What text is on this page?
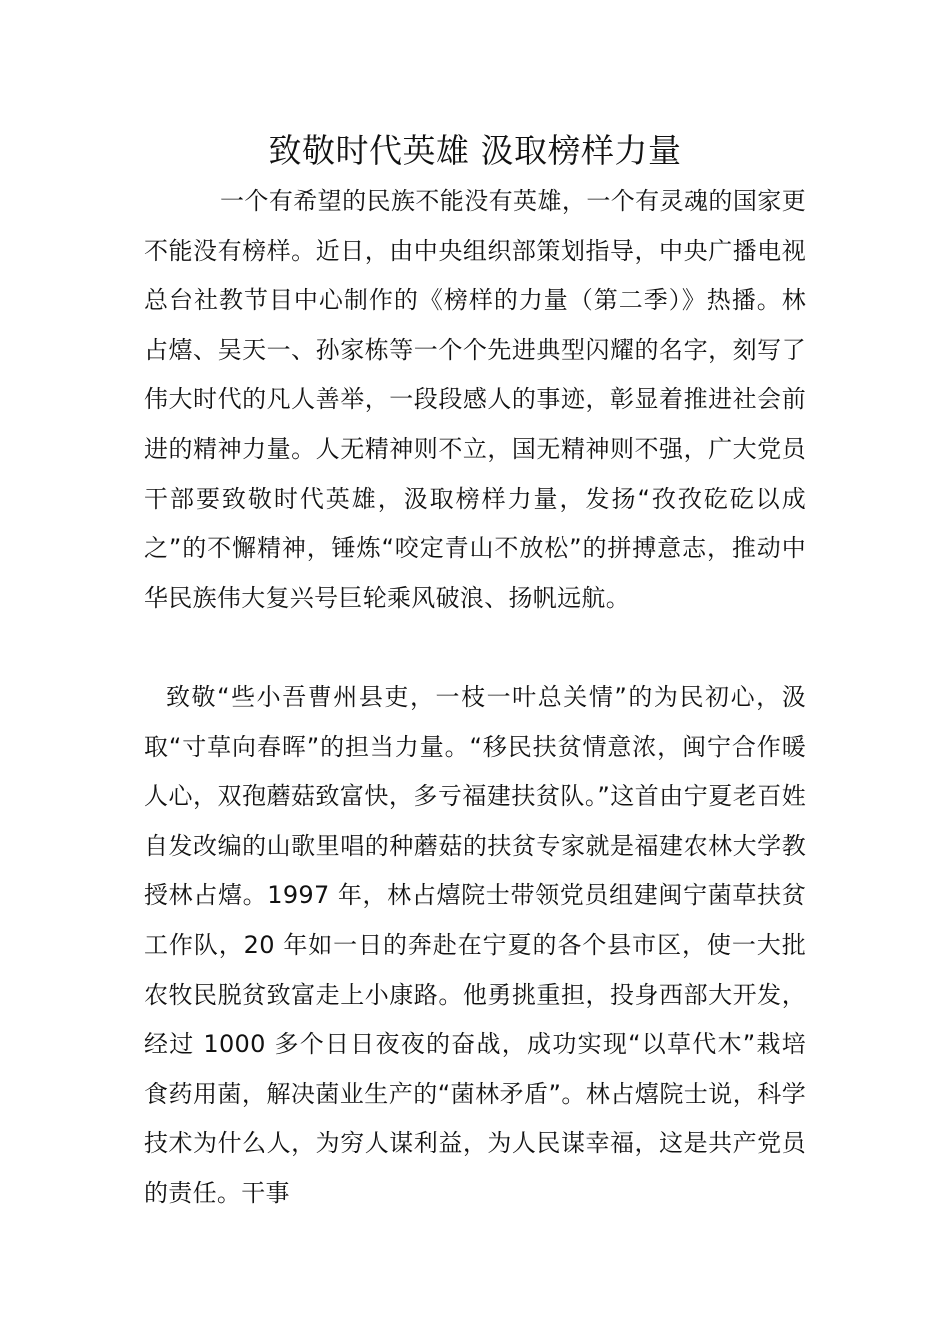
致敬时代英雄 汲取榜样力量

一个有希望的民族不能没有英雄，一个有灵魂的国家更不能没有榜样。近日，由中央组织部策划指导，中央广播电视总台社教节目中心制作的《榜样的力量（第二季）》热播。林占熺、吴天一、孙家栋等一个个先进典型闪耀的名字，刻写了伟大时代的凡人善举，一段段感人的事迹，彰显着推进社会前进的精神力量。人无精神则不立，国无精神则不强，广大党员干部要致敬时代英雄，汲取榜样力量，发扬“孜孜矻矻以成之”的不懈精神，锤炼“咬定青山不放松”的拼搏意志，推动中华民族伟大复兴号巨轮乘风破浪、扬帆远航。

致敬“些小吾曹州县吏，一枝一叶总关情”的为民初心，汲取“寸草向春晖”的担当力量。“移民扶贫情意浓，闽宁合作暖人心，双孢蘑菇致富快，多亏福建扶贫队。”这首由宁夏老百姓自发改编的山歌里唱的种蘑菇的扶贫专家就是福建农林大学教授林占熺。1997 年，林占熺院士带领党员组建闽宁菌草扶贫工作队，20 年如一日的奔赴在宁夏的各个县市区，使一大批农牧民脱贫致富走上小康路。他勇挑重担，投身西部大开发，经过 1000 多个日日夜夜的奋战，成功实现“以草代木”栽培食药用菌，解决菌业生产的“菌林矛盾”。林占熺院士说，科学技术为什么人，为穷人谋利益，为人民谋幸福，这是共产党员的责任。干事
